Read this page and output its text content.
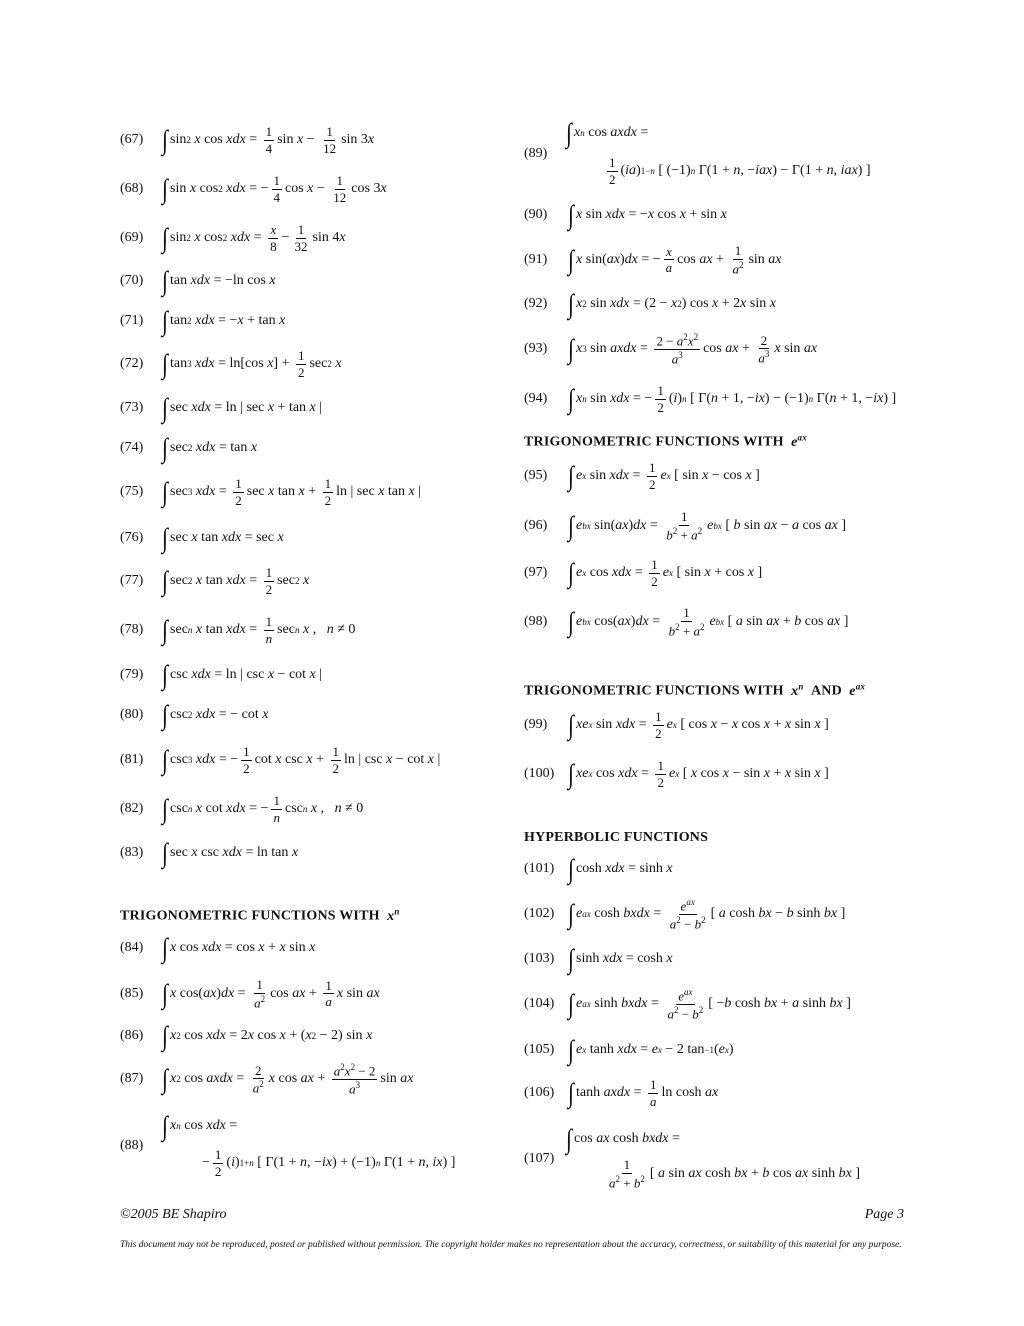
(67) ∫ sin 2
x cos xdx = $\frac{1}{4}$ $\sin x - \frac{1}{12}$ sin 3 x
(68) ∫ sin x cos 2
xdx = − $\frac{1}{4}$ $\cos x - \frac{1}{12}$ cos 3 x
(69) ∫ sin 2
x cos 2
xdx = $\frac{x}{8} - \frac{1}{32}$ sin 4 x
(70) ∫ tan xdx = −ln cos x
(71) ∫ tan 2
xdx = − x + tan x
(72) ∫ tan 3
xdx = ln[cos x ] + $\frac{1}{2}$ sec 2
x
(73) ∫ sec xdx = ln | sec x + tan x |
(74) ∫ sec 2
xdx = tan x
(75) ∫ sec 3
xdx = $\frac{1}{2}$ sec x $\tan x + \frac{1}{2}$ ln | sec x tan x |
(76) ∫ sec x tan xdx = sec x
(77) ∫ sec 2
x tan xdx = $\frac{1}{2}$ sec 2
x
(78) ∫ sec n
x tan xdx = $\frac{1}{n}$ sec n
x , n ≠ 0
(79) ∫ csc xdx = ln | csc x − cot x |
(80) ∫ csc 2
xdx = − cot x
(81) ∫ csc 3
xdx = − $\frac{1}{2}$ cot x $\csc x + \frac{1}{2}$ ln | csc x − cot x |
(82) ∫ csc n
x cot xdx = − $\frac{1}{n}$ csc n
x , n ≠ 0
(83) ∫ sec x csc xdx = ln tan x
TRIGONOMETRIC FUNCTIONS WITH $x^n$
(84) ∫ x cos xdx = cos x + x sin x
(85) ∫ x cos( ax ) dx = $\frac{1}{a^2}$ cos ax + $\frac{1}{a}$ x sin ax
(86) ∫ x 2 cos xdx = 2 x cos x + ( x 2 − 2) sin x
(87) ∫ x 2 cos axdx = $\frac{2}{a^2}$ x cos ax + $\frac{a^2x^2 - 2}{a^3}$ sin ax
(88)
∫ x n cos xdx =
− $\frac{1}{2}$ ( i ) 1+n [ Γ(1 + n , − ix ) + (−1) n Γ(1 + n , ix ) ]
∫ x n cos axdx =
(89)
$\frac{1}{2}$ ( ia ) 1−n [ (−1) n Γ(1 + n , − iax ) − Γ(1 + n , iax ) ]
(90) ∫ x sin xdx = − x cos x + sin x
(91) ∫ x sin( ax ) dx = − $\frac{x}{a}$ cos ax + $\frac{1}{a^2}$ sin ax
(92) ∫ x 2 sin xdx = (2 − x 2 ) cos x + 2 x sin x
(93) ∫ x 3 sin axdx = $\frac{2 - a^2x^2}{a^3}$ cos ax + $\frac{2}{a^3}$ x sin ax
(94) ∫ x n sin xdx = − $\frac{1}{2}$ ( i ) n [ Γ( n + 1, − ix ) − (−1) n Γ( n + 1, − ix ) ]
TRIGONOMETRIC FUNCTIONS WITH $e^{ax}$
(95) ∫ e x sin xdx = $\frac{1}{2}$ e x [ sin x − cos x ]
(96) ∫ e bx sin( ax ) dx = $\frac{1}{b^2 + a^2}$ e bx [ b sin ax − a cos ax ]
(97) ∫ e x cos xdx = $\frac{1}{2}$ e x [ sin x + cos x ]
(98) ∫ e bx cos( ax ) dx = $\frac{1}{b^2 + a^2}$ e bx [ a sin ax + b cos ax ]
TRIGONOMETRIC FUNCTIONS WITH $x^n$ AND $e^{ax}$
(99) ∫ xe x sin xdx = $\frac{1}{2}$ e x [ cos x − x cos x + x sin x ]
(100) ∫ xe x cos xdx = $\frac{1}{2}$ e x [ x cos x − sin x + x sin x ]
HYPERBOLIC FUNCTIONS
(101) ∫ cosh xdx = sinh x
(102) ∫ e ax cosh bxdx = $\frac{e^{ax}}{a^2 - b^2}$ [ a cosh bx − b sinh bx ]
(103) ∫ sinh xdx = cosh x
(104) ∫ e ax sinh bxdx = $\frac{e^{ax}}{a^2 - b^2}$ [ − b cosh bx + a sinh bx ]
(105) ∫ e x tanh xdx = e x − 2 tan −1 ( e x )
(106) ∫ tanh axdx = $\frac{1}{a}$ ln cosh ax
∫ cos ax cosh bxdx =
(107)	$\frac{1}{a^2 + b^2}$ [ a sin ax cosh bx + b cos ax sinh bx ]
©2005 BE Shapiro	Page 3
This document may not be reproduced, posted or published without permission. The copyright holder makes no representation about the accuracy, correctness, or suitability of this material for any purpose.
